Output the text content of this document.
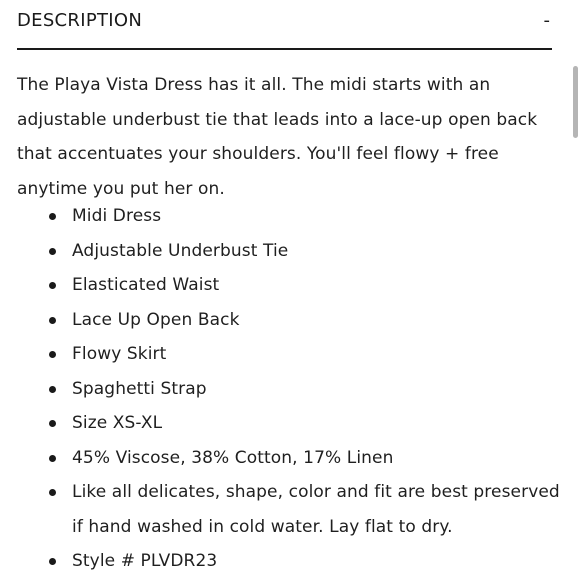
DESCRIPTION	-

The Playa Vista Dress has it all. The midi starts with an adjustable underbust tie that leads into a lace-up open back that accentuates your shoulders. You'll feel flowy + free anytime you put her on.

Midi Dress
Adjustable Underbust Tie
Elasticated Waist
Lace Up Open Back
Flowy Skirt
Spaghetti Strap
Size XS-XL
45% Viscose, 38% Cotton, 17% Linen
Like all delicates, shape, color and fit are best preserved if hand washed in cold water. Lay flat to dry.
Style # PLVDR23
